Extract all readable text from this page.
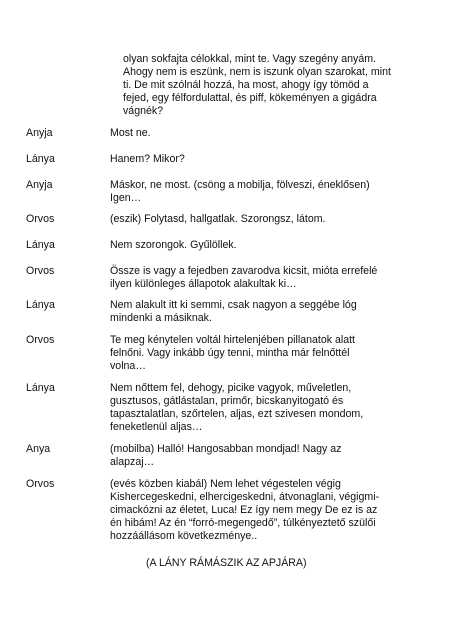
olyan sokfajta célokkal, mint te. Vagy szegény anyám.
Ahogy nem is eszünk, nem is iszunk olyan szarokat, mint
ti. De mit szólnál hozzá, ha most, ahogy így tömöd a
fejed, egy félfordulattal, és piff, kökeményen a gigádra
vágnék?
Anyja	Most ne.
Lánya	Hanem? Mikor?
Anyja	Máskor, ne most. (csöng a mobilja, fölveszi, éneklősen)
Igen…
Orvos	(eszik) Folytasd, hallgatlak. Szorongsz, látom.
Lánya	Nem szorongok. Gyűlöllek.
Orvos	Össze is vagy a fejedben zavarodva kicsit, mióta errefelé
ilyen különleges állapotok alakultak ki…
Lánya	Nem alakult itt ki semmi, csak nagyon a seggébe lóg
mindenki a másiknak.
Orvos	Te meg kénytelen voltál hirtelenjében pillanatok alatt
felnőni. Vagy inkább úgy tenni, mintha már felnőttél
volna…
Lánya	Nem nőttem fel, dehogy, picike vagyok, műveletlen,
gusztusos, gátlástalan, primőr, bicskanyitogató és
tapasztalatlan, szőrtelen, aljas, ezt szivesen mondom,
feneketlenül aljas…
Anya	(mobilba) Halló! Hangosabban mondjad! Nagy az
alapzaj…
Orvos	(evés közben kiabál) Nem lehet végestelen végig
Kishercegeskedni, elhercigeskedni, átvonaglani, végigmi-
cimackózni az életet, Luca! Ez így nem megy De ez is az
én hibám! Az én “forró-megengedő”, túlkényeztető szülői
hozzáállásom következménye..
(A LÁNY RÁMÁSZIK AZ APJÁRA)
